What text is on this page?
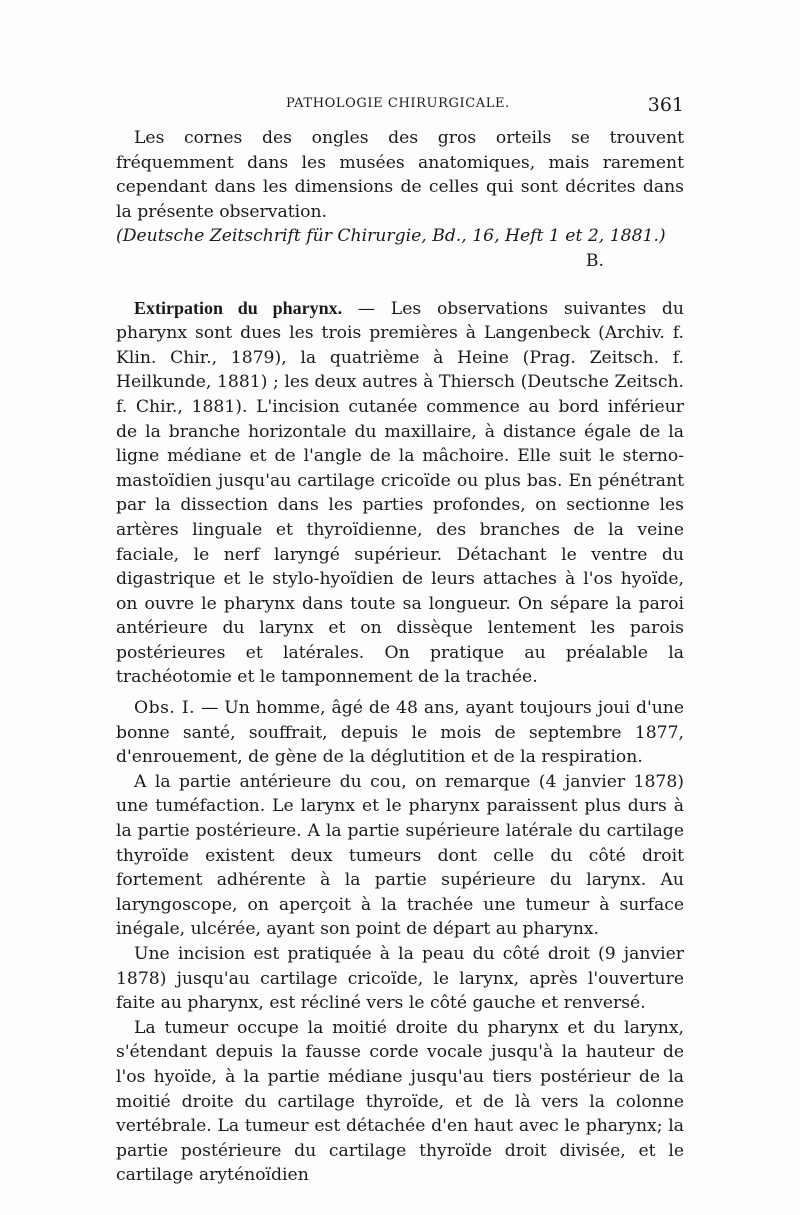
PATHOLOGIE CHIRURGICALE.	361

Les cornes des ongles des gros orteils se trouvent fréquemment dans les musées anatomiques, mais rarement cependant dans les dimensions de celles qui sont décrites dans la présente observation.

(Deutsche Zeitschrift für Chirurgie, Bd., 16, Heft 1 et 2, 1881.)

B.

Extirpation du pharynx. — Les observations suivantes du pharynx sont dues les trois premières à Langenbeck (Archiv. f. Klin. Chir., 1879), la quatrième à Heine (Prag. Zeitsch. f. Heilkunde, 1881) ; les deux autres à Thiersch (Deutsche Zeitsch. f. Chir., 1881). L'incision cutanée commence au bord inférieur de la branche horizontale du maxillaire, à distance égale de la ligne médiane et de l'angle de la mâchoire. Elle suit le sterno-mastoïdien jusqu'au cartilage cricoïde ou plus bas. En pénétrant par la dissection dans les parties profondes, on sectionne les artères linguale et thyroïdienne, des branches de la veine faciale, le nerf laryngé supérieur. Détachant le ventre du digastrique et le stylo-hyoïdien de leurs attaches à l'os hyoïde, on ouvre le pharynx dans toute sa longueur. On sépare la paroi antérieure du larynx et on dissèque lentement les parois postérieures et latérales. On pratique au préalable la trachéotomie et le tamponnement de la trachée.

Obs. I. — Un homme, âgé de 48 ans, ayant toujours joui d'une bonne santé, souffrait, depuis le mois de septembre 1877, d'enrouement, de gène de la déglutition et de la respiration.

A la partie antérieure du cou, on remarque (4 janvier 1878) une tuméfaction. Le larynx et le pharynx paraissent plus durs à la partie postérieure. A la partie supérieure latérale du cartilage thyroïde existent deux tumeurs dont celle du côté droit fortement adhérente à la partie supérieure du larynx. Au laryngoscope, on aperçoit à la trachée une tumeur à surface inégale, ulcérée, ayant son point de départ au pharynx.

Une incision est pratiquée à la peau du côté droit (9 janvier 1878) jusqu'au cartilage cricoïde, le larynx, après l'ouverture faite au pharynx, est récliné vers le côté gauche et renversé.

La tumeur occupe la moitié droite du pharynx et du larynx, s'étendant depuis la fausse corde vocale jusqu'à la hauteur de l'os hyoïde, à la partie médiane jusqu'au tiers postérieur de la moitié droite du cartilage thyroïde, et de là vers la colonne vertébrale. La tumeur est détachée d'en haut avec le pharynx; la partie postérieure du cartilage thyroïde droit divisée, et le cartilage aryténoïdien
